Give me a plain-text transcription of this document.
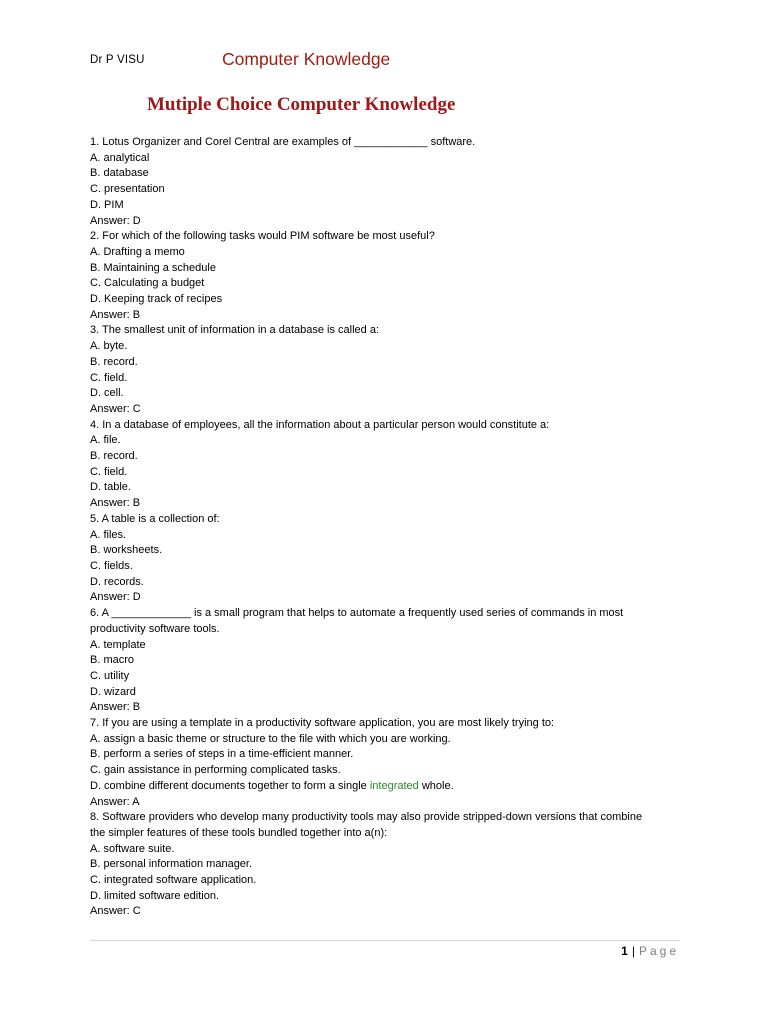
Dr P VISU	Computer Knowledge
Mutiple Choice Computer Knowledge
1. Lotus Organizer and Corel Central are examples of ____________ software.
A. analytical
B. database
C. presentation
D. PIM
Answer: D
2. For which of the following tasks would PIM software be most useful?
A. Drafting a memo
B. Maintaining a schedule
C. Calculating a budget
D. Keeping track of recipes
Answer: B
3. The smallest unit of information in a database is called a:
A. byte.
B. record.
C. field.
D. cell.
Answer: C
4. In a database of employees, all the information about a particular person would constitute a:
A. file.
B. record.
C. field.
D. table.
Answer: B
5. A table is a collection of:
A. files.
B. worksheets.
C. fields.
D. records.
Answer: D
6. A _____________ is a small program that helps to automate a frequently used series of commands in most
productivity software tools.
A. template
B. macro
C. utility
D. wizard
Answer: B
7. If you are using a template in a productivity software application, you are most likely trying to:
A. assign a basic theme or structure to the file with which you are working.
B. perform a series of steps in a time-efficient manner.
C. gain assistance in performing complicated tasks.
D. combine different documents together to form a single integrated whole.
Answer: A
8. Software providers who develop many productivity tools may also provide stripped-down versions that combine
the simpler features of these tools bundled together into a(n):
A. software suite.
B. personal information manager.
C. integrated software application.
D. limited software edition.
Answer: C
1 | Page
